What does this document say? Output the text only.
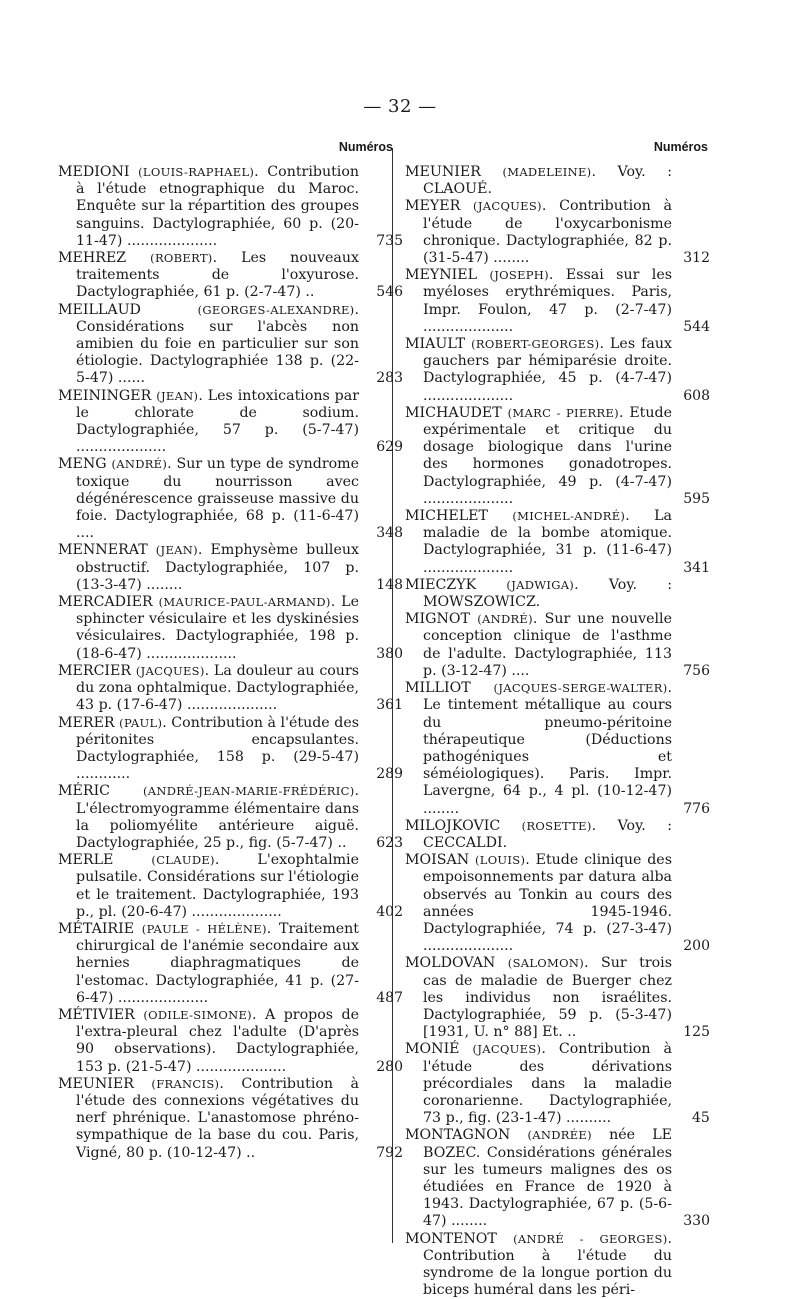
— 32 —
Numéros
MEDIONI (LOUIS-RAPHAEL). Contribution à l'étude etnographique du Maroc. Enquête sur la répartition des groupes sanguins. Dactylographiée, 60 p. (20-11-47) ....................	735
MEHREZ (ROBERT). Les nouveaux traitements de l'oxyurose. Dactylographiée, 61 p. (2-7-47) ..	546
MEILLAUD	(GEORGES-ALEXANDRE). Considérations sur l'abcès non amibien du foie en particulier sur son étiologie. Dactylographiée 138 p. (22-5-47) ......	283
MEININGER (JEAN). Les intoxications par le chlorate de sodium. Dactylographiée, 57 p. (5-7-47) ....................	629
MENG (ANDRÉ). Sur un type de syndrome toxique du nourrisson avec dégénérescence graisseuse massive du foie. Dactylographiée, 68 p. (11-6-47) ....	348
MENNERAT (JEAN). Emphysème bulleux obstructif. Dactylographiée, 107 p. (13-3-47) ........	148
MERCADIER (MAURICE-PAUL-ARMAND). Le sphincter vésiculaire et les dyskinésies vésiculaires. Dactylographiée, 198 p. (18-6-47) ....................	380
MERCIER (JACQUES). La douleur au cours du zona ophtalmique. Dactylographiée, 43 p. (17-6-47) ....................	361
MERER (PAUL). Contribution à l'étude des péritonites encapsulantes. Dactylographiée, 158 p. (29-5-47) ............	289
MÉRIC	(ANDRÉ-JEAN-MARIE-FRÉDÉRIC). L'électromyogramme élémentaire dans la poliomyélite antérieure aiguë. Dactylographiée, 25 p., fig. (5-7-47) .. 623
MERLE	(CLAUDE). L'exophtalmie pulsatile. Considérations sur l'étiologie et le traitement. Dactylographiée, 193 p., pl. (20-6-47) ....................	402
MÉTAIRIE (PAULE - HÉLÈNE). Traitement chirurgical de l'anémie secondaire aux hernies diaphragmatiques de l'estomac. Dactylographiée, 41 p. (27-6-47) ....................	487
MÉTIVIER (ODILE-SIMONE). A propos de l'extra-pleural chez l'adulte (D'après 90 observations). Dactylographiée, 153 p. (21-5-47) ....................	280
MEUNIER (FRANCIS). Contribution à l'étude des connexions végétatives du nerf phrénique. L'anastomose phréno-sympathique de la base du cou. Paris, Vigné, 80 p. (10-12-47) ..	792
Numéros
MEUNIER (MADELEINE). Voy. : CLAOUÉ.
MEYER (JACQUES). Contribution à l'étude de l'oxycarbonisme chronique. Dactylographiée, 82 p. (31-5-47) ........	312
MEYNIEL (JOSEPH). Essai sur les myéloses erythrémiques. Paris, Impr. Foulon, 47 p. (2-7-47) ....................	544
MIAULT (ROBERT-GEORGES). Les faux gauchers par hémiparésie droite. Dactylographiée, 45 p. (4-7-47) ....................	608
MICHAUDET (MARC - PIERRE). Etude expérimentale et critique du dosage biologique dans l'urine des hormones gonadotropes. Dactylographiée, 49 p. (4-7-47) ....................	595
MICHELET (MICHEL-ANDRÉ). La maladie de la bombe atomique. Dactylographiée, 31 p. (11-6-47) ....................	341
MIECZYK	(JADWIGA). Voy. : MOWSZOWICZ.
MIGNOT (ANDRÉ). Sur une nouvelle conception clinique de l'asthme de l'adulte. Dactylographiée, 113 p. (3-12-47) ....	756
MILLIOT (JACQUES-SERGE-WALTER). Le tintement métallique au cours du pneumo-péritoine thérapeutique (Déductions pathogéniques et séméiologiques). Paris. Impr. Lavergne, 64 p., 4 pl. (10-12-47) ........	776
MILOJKOVIC (ROSETTE). Voy. : CECCALDI.
MOISAN (LOUIS). Etude clinique des empoisonnements par datura alba observés au Tonkin au cours des années 1945-1946. Dactylographiée, 74 p. (27-3-47) ....................	200
MOLDOVAN (SALOMON). Sur trois cas de maladie de Buerger chez les individus non israélites. Dactylographiée, 59 p. (5-3-47) [1931, U. n° 88] Et. ..	125
MONIÉ (JACQUES). Contribution à l'étude des dérivations précordiales dans la maladie coronarienne. Dactylographiée, 73 p., fig. (23-1-47) ..........	45
MONTAGNON (ANDRÉE) née LE BOZEC. Considérations générales sur les tumeurs malignes des os étudiées en France de 1920 à 1943. Dactylographiée, 67 p. (5-6-47) ........	330
MONTENOT (ANDRÉ - GEORGES). Contribution à l'étude du syndrome de la longue portion du biceps huméral dans les péri-
